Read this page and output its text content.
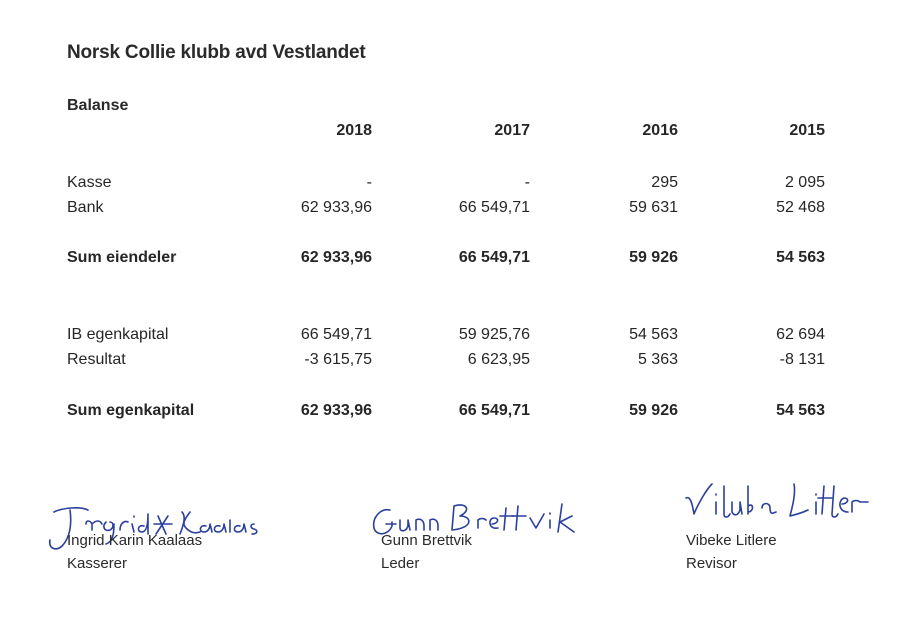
Norsk Collie klubb avd Vestlandet
Balanse
2018	2017	2016	2015
Kasse	-	-	295	2 095
Bank	62 933,96	66 549,71	59 631	52 468
Sum eiendeler	62 933,96	66 549,71	59 926	54 563
IB egenkapital	66 549,71	59 925,76	54 563	62 694
Resultat	-3 615,75	6 623,95	5 363	-8 131
Sum egenkapital	62 933,96	66 549,71	59 926	54 563
Ingrid Karin Kaalaas
Kasserer
Gunn Brettvik
Leder
Vibeke Litlere
Revisor
